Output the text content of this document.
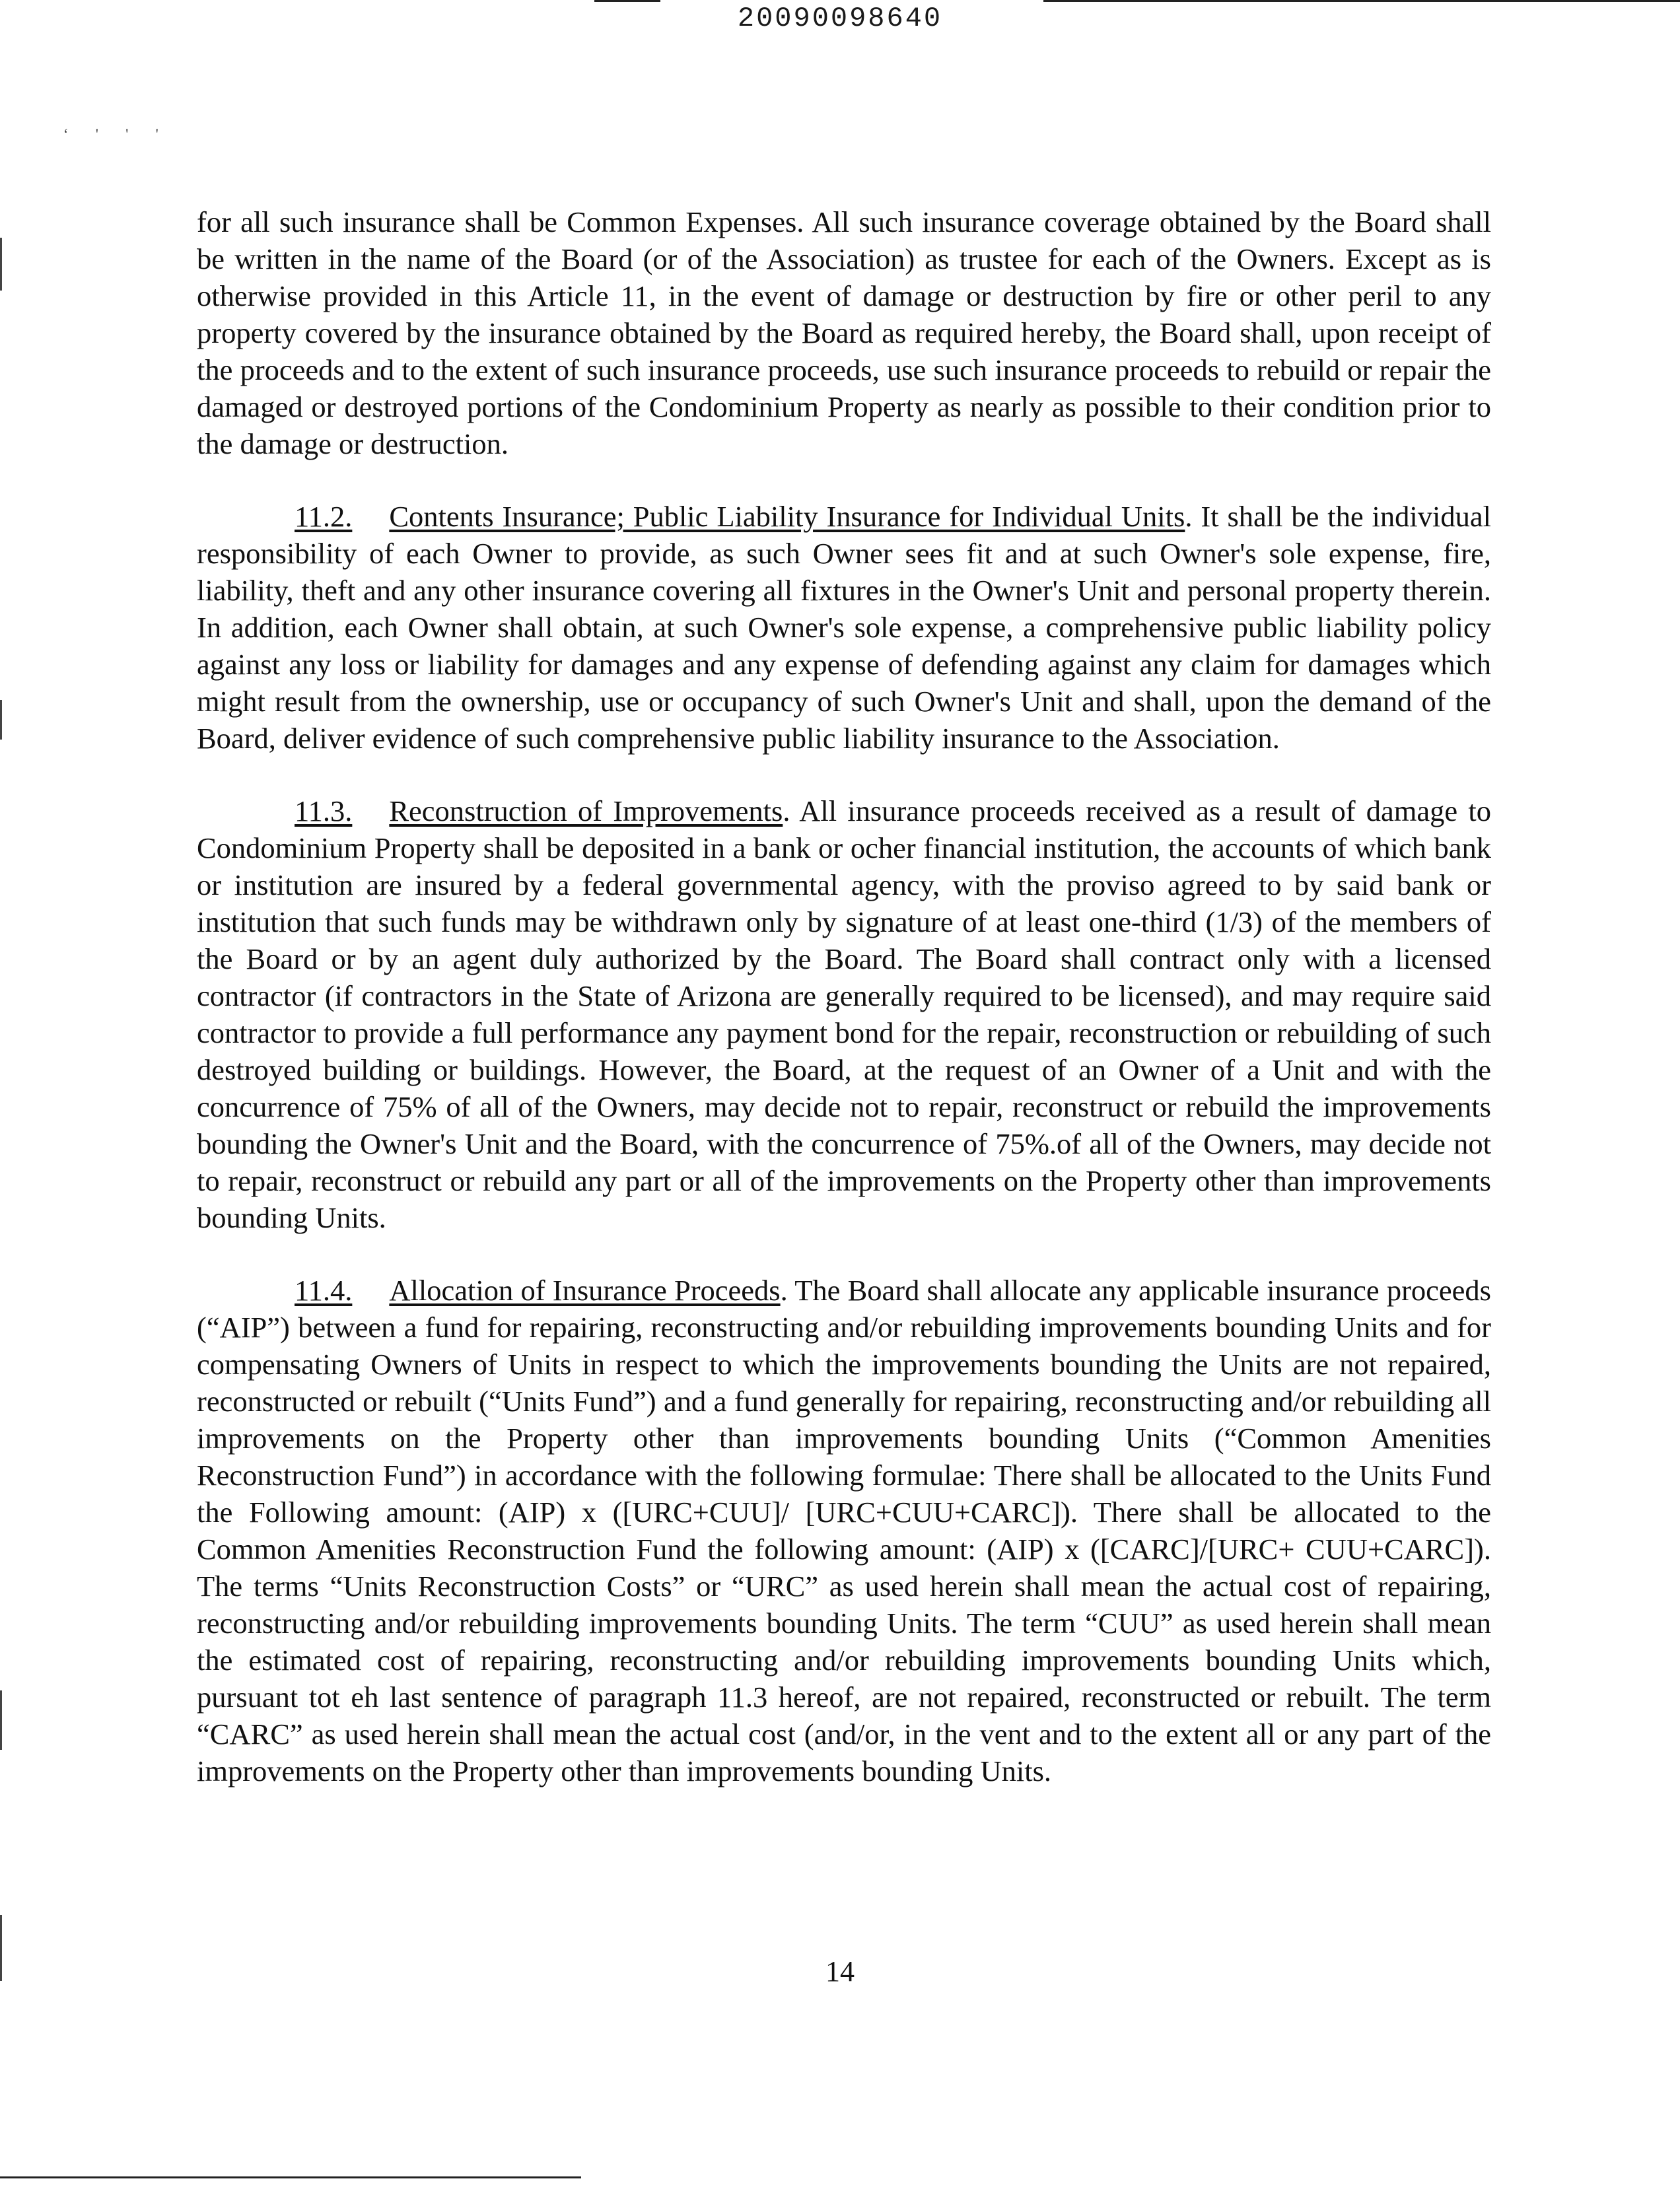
20090098640
‘ ' ' '

for all such insurance shall be Common Expenses. All such insurance coverage obtained by the Board shall be written in the name of the Board (or of the Association) as trustee for each of the Owners. Except as is otherwise provided in this Article 11, in the event of damage or destruction by fire or other peril to any property covered by the insurance obtained by the Board as required hereby, the Board shall, upon receipt of the proceeds and to the extent of such insurance proceeds, use such insurance proceeds to rebuild or repair the damaged or destroyed portions of the Condominium Property as nearly as possible to their condition prior to the damage or destruction.

11.2. Contents Insurance; Public Liability Insurance for Individual Units. It shall be the individual responsibility of each Owner to provide, as such Owner sees fit and at such Owner's sole expense, fire, liability, theft and any other insurance covering all fixtures in the Owner's Unit and personal property therein. In addition, each Owner shall obtain, at such Owner's sole expense, a comprehensive public liability policy against any loss or liability for damages and any expense of defending against any claim for damages which might result from the ownership, use or occupancy of such Owner's Unit and shall, upon the demand of the Board, deliver evidence of such comprehensive public liability insurance to the Association.

11.3. Reconstruction of Improvements. All insurance proceeds received as a result of damage to Condominium Property shall be deposited in a bank or ocher financial institution, the accounts of which bank or institution are insured by a federal governmental agency, with the proviso agreed to by said bank or institution that such funds may be withdrawn only by signature of at least one-third (1/3) of the members of the Board or by an agent duly authorized by the Board. The Board shall contract only with a licensed contractor (if contractors in the State of Arizona are generally required to be licensed), and may require said contractor to provide a full performance any payment bond for the repair, reconstruction or rebuilding of such destroyed building or buildings. However, the Board, at the request of an Owner of a Unit and with the concurrence of 75% of all of the Owners, may decide not to repair, reconstruct or rebuild the improvements bounding the Owner's Unit and the Board, with the concurrence of 75%.of all of the Owners, may decide not to repair, reconstruct or rebuild any part or all of the improvements on the Property other than improvements bounding Units.

11.4. Allocation of Insurance Proceeds. The Board shall allocate any applicable insurance proceeds (“AIP”) between a fund for repairing, reconstructing and/or rebuilding improvements bounding Units and for compensating Owners of Units in respect to which the improvements bounding the Units are not repaired, reconstructed or rebuilt (“Units Fund”) and a fund generally for repairing, reconstructing and/or rebuilding all improvements on the Property other than improvements bounding Units (“Common Amenities Reconstruction Fund”) in accordance with the following formulae: There shall be allocated to the Units Fund the Following amount: (AIP) x ([URC+CUU]/ [URC+CUU+CARC]). There shall be allocated to the Common Amenities Reconstruction Fund the following amount: (AIP) x ([CARC]/[URC+ CUU+CARC]). The terms “Units Reconstruction Costs” or “URC” as used herein shall mean the actual cost of repairing, reconstructing and/or rebuilding improvements bounding Units. The term “CUU” as used herein shall mean the estimated cost of repairing, reconstructing and/or rebuilding improvements bounding Units which, pursuant tot eh last sentence of paragraph 11.3 hereof, are not repaired, reconstructed or rebuilt. The term “CARC” as used herein shall mean the actual cost (and/or, in the vent and to the extent all or any part of the improvements on the Property other than improvements bounding Units.

14
